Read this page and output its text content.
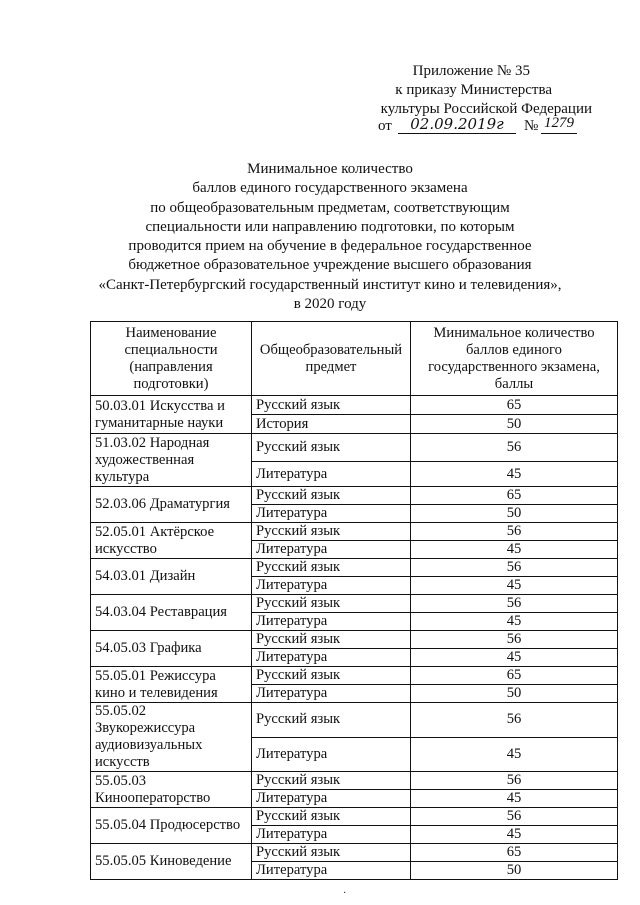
Приложение № 35
к приказу Министерства
культуры Российской Федерации
от	02.09.2019г	№ 1279
Минимальное количество
баллов единого государственного экзамена
по общеобразовательным предметам, соответствующим
специальности или направлению подготовки, по которым
проводится прием на обучение в федеральное государственное
бюджетное образовательное учреждение высшего образования
«Санкт-Петербургский государственный институт кино и телевидения»,
в 2020 году
Наименование специальности (направления подготовки)	Общеобразовательный предмет	Минимальное количество баллов единого государственного экзамена, баллы
50.03.01 Искусства и гуманитарные науки	Русский язык	65
	История	50
51.03.02 Народная художественная культура	Русский язык	56
	Литература	45
52.03.06 Драматургия	Русский язык	65
	Литература	50
52.05.01 Актёрское искусство	Русский язык	56
	Литература	45
54.03.01 Дизайн	Русский язык	56
	Литература	45
54.03.04 Реставрация	Русский язык	56
	Литература	45
54.05.03 Графика	Русский язык	56
	Литература	45
55.05.01 Режиссура кино и телевидения	Русский язык	65
	Литература	50
55.05.02 Звукорежиссура аудиовизуальных искусств	Русский язык	56
	Литература	45
55.05.03 Кинооператорство	Русский язык	56
	Литература	45
55.05.04 Продюсерство	Русский язык	56
	Литература	45
55.05.05 Киноведение	Русский язык	65
	Литература	50
·
